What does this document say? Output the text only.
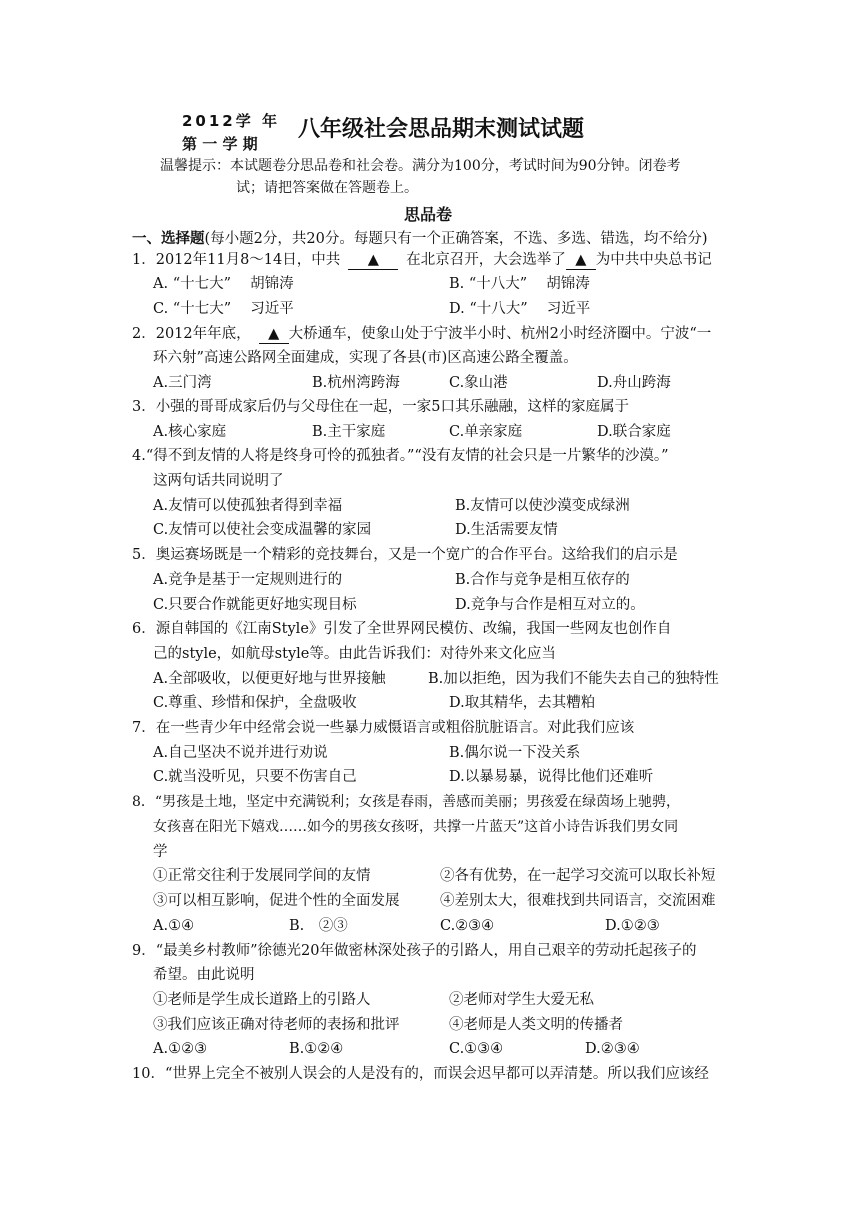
2012学 年
第 一 学 期
八年级社会思品期末测试试题
温馨提示：本试题卷分思品卷和社会卷。满分为100分，考试时间为90分钟。闭卷考
试；请把答案做在答题卷上。
思品卷
一、选择题(每小题2分，共20分。每题只有一个正确答案，不选、多选、错选，均不给分)
1．2012年11月8～14日，中共 ▲ 在北京召开，大会选举了 ▲ 为中共中央总书记
A. “十七大”　 胡锦涛	B. “十八大”　 胡锦涛
C. “十七大”　 习近平	D. “十八大”　 习近平
2．2012年年底， ▲ 大桥通车，使象山处于宁波半小时、杭州2小时经济圈中。宁波“一
环六射”高速公路网全面建成，实现了各县(市)区高速公路全覆盖。
A.三门湾	B.杭州湾跨海	C.象山港	D.舟山跨海
3．小强的哥哥成家后仍与父母住在一起，一家5口其乐融融，这样的家庭属于
A.核心家庭	B.主干家庭	C.单亲家庭	D.联合家庭
4.“得不到友情的人将是终身可怜的孤独者。”“没有友情的社会只是一片繁华的沙漠。”
这两句话共同说明了
A.友情可以使孤独者得到幸福	B.友情可以使沙漠变成绿洲
C.友情可以使社会变成温馨的家园	D.生活需要友情
5．奥运赛场既是一个精彩的竞技舞台，又是一个宽广的合作平台。这给我们的启示是
A.竞争是基于一定规则进行的	B.合作与竞争是相互依存的
C.只要合作就能更好地实现目标	D.竞争与合作是相互对立的。
6．源自韩国的《江南Style》引发了全世界网民模仿、改编，我国一些网友也创作自
己的style，如航母style等。由此告诉我们：对待外来文化应当
A.全部吸收，以便更好地与世界接触	B.加以拒绝，因为我们不能失去自己的独特性
C.尊重、珍惜和保护，全盘吸收	D.取其精华，去其糟粕
7．在一些青少年中经常会说一些暴力威慑语言或粗俗肮脏语言。对此我们应该
A.自己坚决不说并进行劝说	B.偶尔说一下没关系
C.就当没听见，只要不伤害自己	D.以暴易暴，说得比他们还难听
8．“男孩是土地，坚定中充满锐利；女孩是春雨，善感而美丽；男孩爱在绿茵场上驰骋，
女孩喜在阳光下嬉戏……如今的男孩女孩呀，共撑一片蓝天”这首小诗告诉我们男女同
学
①正常交往利于发展同学间的友情	②各有优势，在一起学习交流可以取长补短
③可以相互影响，促进个性的全面发展	④差别太大，很难找到共同语言，交流困难
A.①④	B.　②③	C.②③④	D.①②③
9．“最美乡村教师”徐德光20年做密林深处孩子的引路人，用自己艰辛的劳动托起孩子的
希望。由此说明
①老师是学生成长道路上的引路人	②老师对学生大爱无私
③我们应该正确对待老师的表扬和批评	④老师是人类文明的传播者
A.①②③	B.①②④	C.①③④	D.②③④
10．“世界上完全不被别人误会的人是没有的，而误会迟早都可以弄清楚。所以我们应该经
